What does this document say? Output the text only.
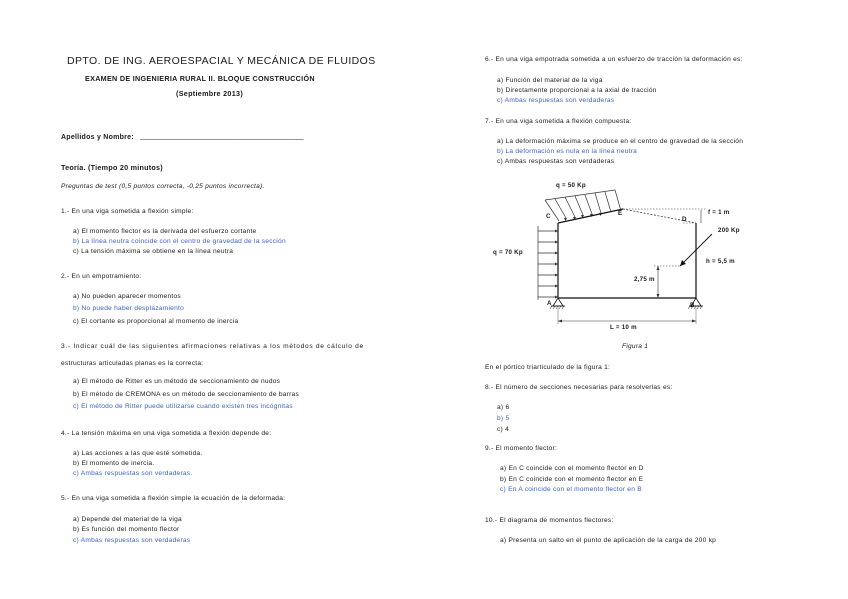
DPTO. DE ING. AEROESPACIAL Y MECÁNICA DE FLUIDOS
EXAMEN DE INGENIERIA RURAL II. BLOQUE CONSTRUCCIÓN
(Septiembre 2013)
Apellidos y Nombre: __________________________________________
Teoría. (Tiempo 20 minutos)
Preguntas de test (0,5 puntos correcta, -0,25 puntos incorrecta).
1.- En una viga sometida a flexión simple:
a) El momento flector es la derivada del esfuerzo cortante
b) La línea neutra coincide con el centro de gravedad de la sección
c) La tensión máxima se obtiene en la línea neutra
2.- En un empotramiento:
a) No pueden aparecer momentos
b) No puede haber desplazamiento
c) El cortante es proporcional al momento de inercia
3.- Indicar cuál de las siguientes afirmaciones relativas a los métodos de cálculo de
estructuras articuladas planas es la correcta:
a) El método de Ritter es un método de seccionamiento de nudos
b) El método de CREMONA es un método de seccionamiento de barras
c) El método de Ritter puede utilizarse cuando existen tres incógnitas
4.- La tensión máxima en una viga sometida a flexión depende de:
a) Las acciones a las que esté sometida.
b) El momento de inercia.
c) Ambas respuestas son verdaderas.
5.- En una viga sometida a flexión simple la ecuación de la deformada:
a) Depende del material de la viga
b) Es función del momento flector
c) Ambas respuestas son verdaderas
6.- En una viga empotrada sometida a un esfuerzo de tracción la deformación es:
a) Función del material de la viga
b) Directamente proporcional a la axial de tracción
c) Ambas respuestas son verdaderas
7.- En una viga sometida a flexión compuesta:
a) La deformación máxima se produce en el centro de gravedad de la sección
b) La deformación es nula en la línea neutra
c) Ambas respuestas son verdaderas
q = 50 Kp
q = 70 Kp
f = 1 m
200 Kp
h = 5,5 m
2,75 m
L = 10 m
A	B
C	D
E
Figura 1
En el pórtico triarticulado de la figura 1:
8.- El número de secciones necesarias para resolverlas es:
a) 6
b) 5
c) 4
9.- El momento flector:
a) En C coincide con el momento flector en D
b) En C coincide con el momento flector en E
c) En A coincide con el momento flector en B
10.- El diagrama de momentos flectores:
a) Presenta un salto en el punto de aplicación de la carga de 200 kp
